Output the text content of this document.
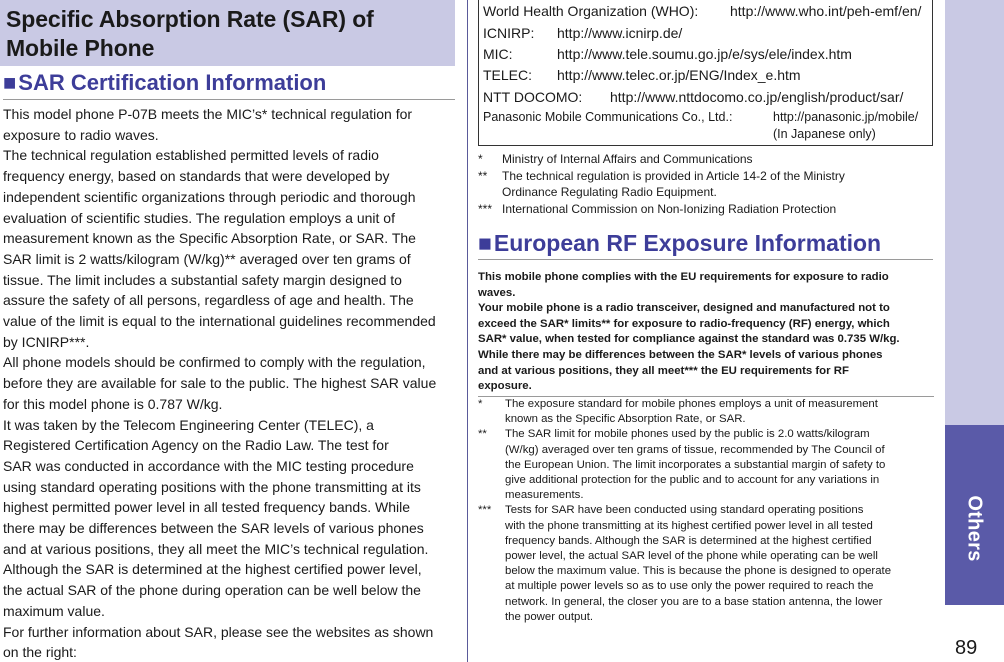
Specific Absorption Rate (SAR) of
Mobile Phone
■SAR Certification Information
This model phone P-07B meets the MIC’s* technical regulation for
exposure to radio waves.
The technical regulation established permitted levels of radio
frequency energy, based on standards that were developed by
independent scientific organizations through periodic and thorough
evaluation of scientific studies. The regulation employs a unit of
measurement known as the Specific Absorption Rate, or SAR. The
SAR limit is 2 watts/kilogram (W/kg)** averaged over ten grams of
tissue. The limit includes a substantial safety margin designed to
assure the safety of all persons, regardless of age and health. The
value of the limit is equal to the international guidelines recommended
by ICNIRP***.
All phone models should be confirmed to comply with the regulation,
before they are available for sale to the public. The highest SAR value
for this model phone is 0.787 W/kg.
It was taken by the Telecom Engineering Center (TELEC), a
Registered Certification Agency on the Radio Law. The test for
SAR was conducted in accordance with the MIC testing procedure
using standard operating positions with the phone transmitting at its
highest permitted power level in all tested frequency bands. While
there may be differences between the SAR levels of various phones
and at various positions, they all meet the MIC’s technical regulation.
Although the SAR is determined at the highest certified power level,
the actual SAR of the phone during operation can be well below the
maximum value.
For further information about SAR, please see the websites as shown
on the right:
World Health Organization (WHO): http://www.who.int/peh-emf/en/
ICNIRP: http://www.icnirp.de/
MIC:	http://www.tele.soumu.go.jp/e/sys/ele/index.htm
TELEC: http://www.telec.or.jp/ENG/Index_e.htm
NTT DOCOMO: http://www.nttdocomo.co.jp/english/product/sar/
Panasonic Mobile Communications Co., Ltd.:	http://panasonic.jp/mobile/
(In Japanese only)
* Ministry of Internal Affairs and Communications
** The technical regulation is provided in Article 14-2 of the Ministry
Ordinance Regulating Radio Equipment.
*** International Commission on Non-Ionizing Radiation Protection
■European RF Exposure Information

This mobile phone complies with the EU requirements for exposure to radio

waves.

Your mobile phone is a radio transceiver, designed and manufactured not to

exceed the SAR* limits** for exposure to radio-frequency (RF) energy, which

SAR* value, when tested for compliance against the standard was 0.735 W/kg.

While there may be differences between the SAR* levels of various phones

and at various positions, they all meet*** the EU requirements for RF

exposure.

* The exposure standard for mobile phones employs a unit of measurement
known as the Specific Absorption Rate, or SAR.
** The SAR limit for mobile phones used by the public is 2.0 watts/kilogram
(W/kg) averaged over ten grams of tissue, recommended by The Council of
the European Union. The limit incorporates a substantial margin of safety to
give additional protection for the public and to account for any variations in
measurements.
*** Tests for SAR have been conducted using standard operating positions
with the phone transmitting at its highest certified power level in all tested
frequency bands. Although the SAR is determined at the highest certified
power level, the actual SAR level of the phone while operating can be well
below the maximum value. This is because the phone is designed to operate
at multiple power levels so as to use only the power required to reach the
network. In general, the closer you are to a base station antenna, the lower
the power output.
Others
89
